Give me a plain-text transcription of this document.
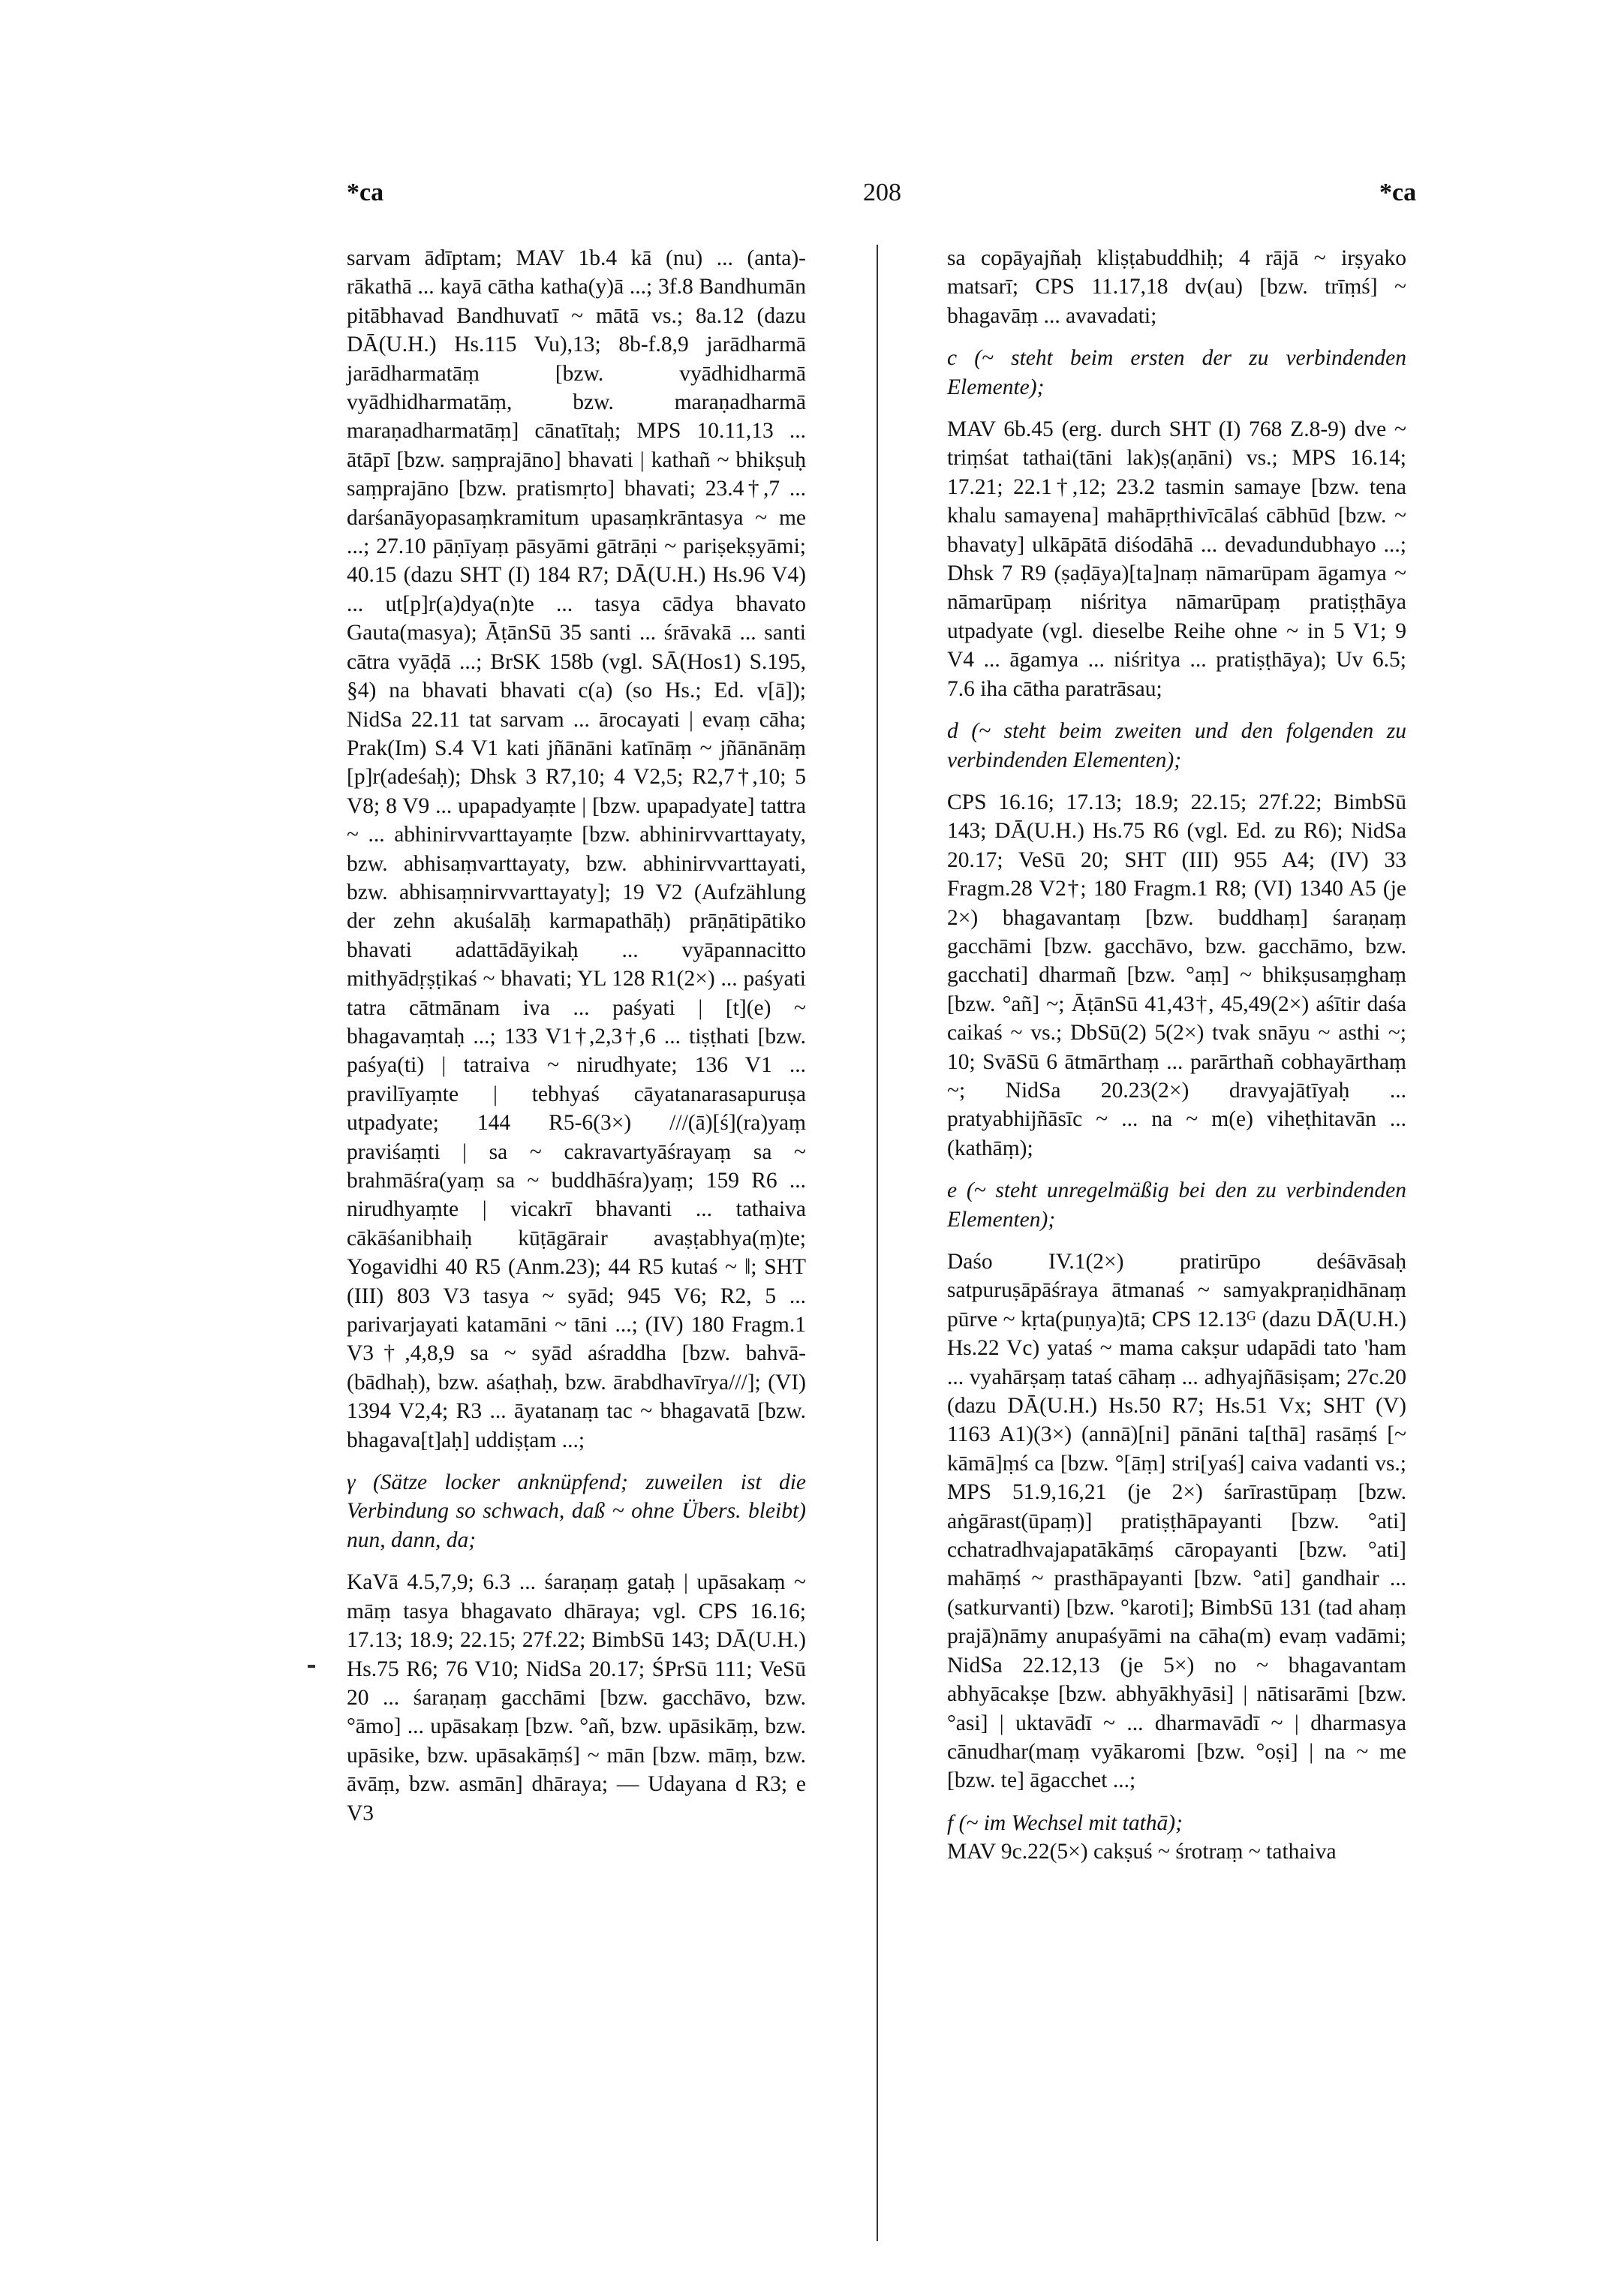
*ca	208	*ca

sarvam ādīptam; MAV 1b.4 kā (nu) ... (anta)-rākathā ... kayā cātha katha(y)ā ...; 3f.8 Bandhumān pitābhavad Bandhuvatī ~ mātā vs.; 8a.12 (dazu DĀ(U.H.) Hs.115 Vu),13; 8b-f.8,9 jarādharmā jarādharmatāṃ [bzw. vyādhidharmā vyādhidharmatāṃ, bzw. maraṇadharmā maraṇadharmatāṃ] cānatītaḥ; MPS 10.11,13 ... ātāpī [bzw. saṃprajāno] bhavati | kathañ ~ bhikṣuḥ saṃprajāno [bzw. pratismṛto] bhavati; 23.4†,7 ... darśanāyopasaṃkramitum upasaṃkrāntasya ~ me ...; 27.10 pāṇīyaṃ pāsyāmi gātrāṇi ~ pariṣekṣyāmi; 40.15 (dazu SHT (I) 184 R7; DĀ(U.H.) Hs.96 V4) ... ut[p]r(a)dya(n)te ... tasya cādya bhavato Gauta(masya); ĀṭānSū 35 santi ... śrāvakā ... santi cātra vyāḍā ...; BrSK 158b (vgl. SĀ(Hos1) S.195, §4) na bhavati bhavati c(a) (so Hs.; Ed. v[ā]); NidSa 22.11 tat sarvam ... ārocayati | evaṃ cāha; Prak(Im) S.4 V1 kati jñānāni katīnāṃ ~ jñānānāṃ [p]r(adeśaḥ); Dhsk 3 R7,10; 4 V2,5; R2,7†,10; 5 V8; 8 V9 ... upapadyaṃte | [bzw. upapadyate] tattra ~ ... abhinirvvarttayaṃte [bzw. abhinirvvarttayaty, bzw. abhisaṃvarttayaty, bzw. abhinirvvarttayati, bzw. abhisaṃnirvvarttayaty]; 19 V2 (Aufzählung der zehn akuśalāḥ karmapathāḥ) prāṇātipātiko bhavati adattādāyikaḥ ... vyāpannacitto mithyādṛṣṭikaś ~ bhavati; YL 128 R1(2×) ... paśyati tatra cātmānam iva ... paśyati | [t](e) ~ bhagavaṃtaḥ ...; 133 V1†,2,3†,6 ... tiṣṭhati [bzw. paśya(ti) | tatraiva ~ nirudhyate; 136 V1 ... pravilīyaṃte | tebhyaś cāyatanarasapuruṣa utpadyate; 144 R5-6(3×) ///(ā)[ś](ra)yaṃ praviśaṃti | sa ~ cakravartyāśrayaṃ sa ~ brahmāśra(yaṃ sa ~ buddhāśra)yaṃ; 159 R6 ... nirudhyaṃte | vicakrī bhavanti ... tathaiva cākāśanibhaiḥ kūṭāgārair avaṣṭabhya(ṃ)te; Yogavidhi 40 R5 (Anm.23); 44 R5 kutaś ~ ‖; SHT (III) 803 V3 tasya ~ syād; 945 V6; R2, 5 ... parivarjayati katamāni ~ tāni ...; (IV) 180 Fragm.1 V3†,4,8,9 sa ~ syād aśraddha [bzw. bahvā-(bādhaḥ), bzw. aśaṭhaḥ, bzw. ārabdhavīrya///]; (VI) 1394 V2,4; R3 ... āyatanaṃ tac ~ bhagavatā [bzw. bhagava[t]aḥ] uddiṣṭam ...;

γ (Sätze locker anknüpfend; zuweilen ist die Verbindung so schwach, daß ~ ohne Übers. bleibt) nun, dann, da;

KaVā 4.5,7,9; 6.3 ... śaraṇaṃ gataḥ | upāsakaṃ ~ māṃ tasya bhagavato dhāraya; vgl. CPS 16.16; 17.13; 18.9; 22.15; 27f.22; BimbSū 143; DĀ(U.H.) Hs.75 R6; 76 V10; NidSa 20.17; ŚPrSū 111; VeSū 20 ... śaraṇaṃ gacchāmi [bzw. gacchāvo, bzw. °āmo] ... upāsakaṃ [bzw. °añ, bzw. upāsikāṃ, bzw. upāsike, bzw. upāsakāṃś] ~ mān [bzw. māṃ, bzw. āvāṃ, bzw. asmān] dhāraya; — Udayana d R3; e V3

sa copāyajñaḥ kliṣṭabuddhiḥ; 4 rājā ~ irṣyako matsarī; CPS 11.17,18 dv(au) [bzw. trīṃś] ~ bhagavāṃ ... avavadati;

c (~ steht beim ersten der zu verbindenden Elemente);

MAV 6b.45 (erg. durch SHT (I) 768 Z.8-9) dve ~ triṃśat tathai(tāni lak)ṣ(aṇāni) vs.; MPS 16.14; 17.21; 22.1†,12; 23.2 tasmin samaye [bzw. tena khalu samayena] mahāpṛthivīcālaś cābhūd [bzw. ~ bhavaty] ulkāpātā diśodāhā ... devadundubhayo ...; Dhsk 7 R9 (ṣaḍāya)[ta]naṃ nāmarūpam āgamya ~ nāmarūpaṃ niśritya nāmarūpaṃ pratiṣṭhāya utpadyate (vgl. dieselbe Reihe ohne ~ in 5 V1; 9 V4 ... āgamya ... niśritya ... pratiṣṭhāya); Uv 6.5; 7.6 iha cātha paratrāsau;

d (~ steht beim zweiten und den folgenden zu verbindenden Elementen);

CPS 16.16; 17.13; 18.9; 22.15; 27f.22; BimbSū 143; DĀ(U.H.) Hs.75 R6 (vgl. Ed. zu R6); NidSa 20.17; VeSū 20; SHT (III) 955 A4; (IV) 33 Fragm.28 V2†; 180 Fragm.1 R8; (VI) 1340 A5 (je 2×) bhagavantaṃ [bzw. buddhaṃ] śaraṇaṃ gacchāmi [bzw. gacchāvo, bzw. gacchāmo, bzw. gacchati] dharmañ [bzw. °aṃ] ~ bhikṣusaṃghaṃ [bzw. °añ] ~; ĀṭānSū 41,43†, 45,49(2×) aśītir daśa caikaś ~ vs.; DbSū(2) 5(2×) tvak snāyu ~ asthi ~; 10; SvāSū 6 ātmārthaṃ ... parārthañ cobhayārthaṃ ~; NidSa 20.23(2×) dravyajātīyaḥ ... pratyabhijñāsīc ~ ... na ~ m(e) viheṭhitavān ... (kathāṃ);

e (~ steht unregelmäßig bei den zu verbindenden Elementen);

Daśo IV.1(2×) pratirūpo deśāvāsaḥ satpuruṣāpāśraya ātmanaś ~ samyakpraṇidhānaṃ pūrve ~ kṛta(puṇya)tā; CPS 12.13ᴳ (dazu DĀ(U.H.) Hs.22 Vc) yataś ~ mama cakṣur udapādi tato 'ham ... vyahārṣaṃ tataś cāhaṃ ... adhyajñāsiṣam; 27c.20 (dazu DĀ(U.H.) Hs.50 R7; Hs.51 Vx; SHT (V) 1163 A1)(3×) (annā)[ni] pānāni ta[thā] rasāṃś [~ kāmā]ṃś ca [bzw. °[āṃ] stri[yaś] caiva vadanti vs.; MPS 51.9,16,21 (je 2×) śarīrastūpaṃ [bzw. aṅgārast(ūpaṃ)] pratiṣṭhāpayanti [bzw. °ati] cchatradhvajapatākāṃś cāropayanti [bzw. °ati] mahāṃś ~ prasthāpayanti [bzw. °ati] gandhair ... (satkurvanti) [bzw. °karoti]; BimbSū 131 (tad ahaṃ prajā)nāmy anupaśyāmi na cāha(m) evaṃ vadāmi; NidSa 22.12,13 (je 5×) no ~ bhagavantam abhyācakṣe [bzw. abhyākhyāsi] | nātisarāmi [bzw. °asi] | uktavādī ~ ... dharmavādī ~ | dharmasya cānudhar(maṃ vyākaromi [bzw. °oṣi] | na ~ me [bzw. te] āgacchet ...;

f (~ im Wechsel mit tathā);

MAV 9c.22(5×) cakṣuś ~ śrotraṃ ~ tathaiva
